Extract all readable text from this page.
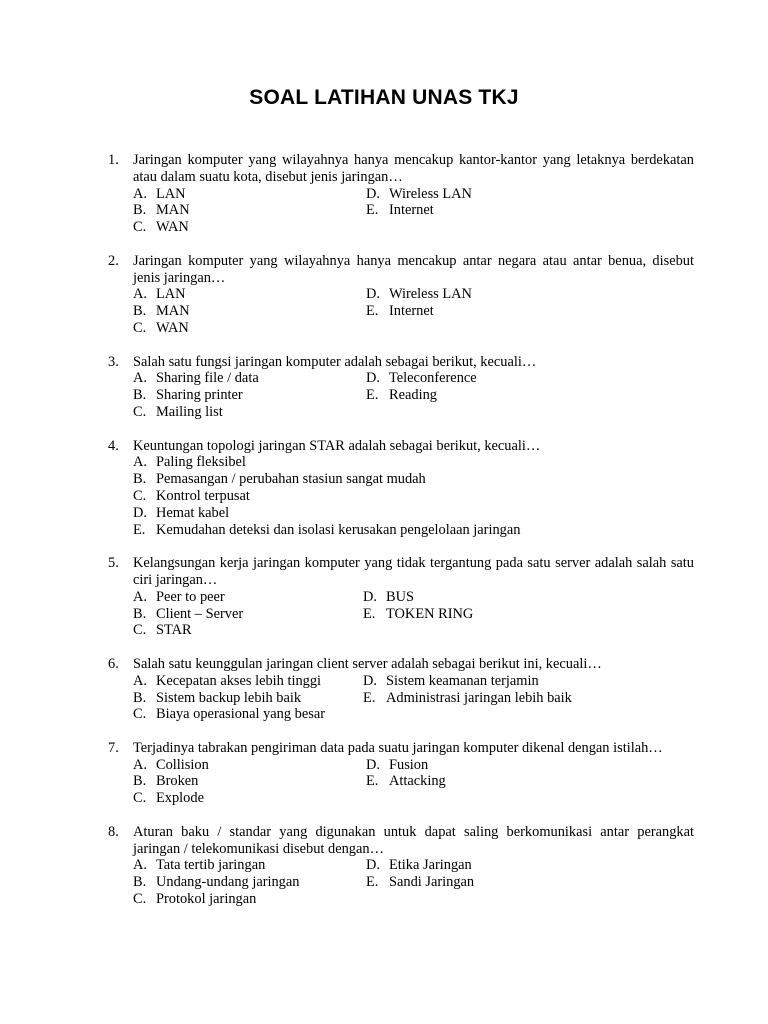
SOAL LATIHAN UNAS TKJ
1. Jaringan komputer yang wilayahnya hanya mencakup kantor-kantor yang letaknya berdekatan atau dalam suatu kota, disebut jenis jaringan…
A. LAN	D. Wireless LAN
B. MAN	E. Internet
C. WAN
2. Jaringan komputer yang wilayahnya hanya mencakup antar negara atau antar benua, disebut jenis jaringan…
A. LAN	D. Wireless LAN
B. MAN	E. Internet
C. WAN
3. Salah satu fungsi jaringan komputer adalah sebagai berikut, kecuali…
A. Sharing file / data	D. Teleconference
B. Sharing printer	E. Reading
C. Mailing list
4. Keuntungan topologi jaringan STAR adalah sebagai berikut, kecuali…
A. Paling fleksibel
B. Pemasangan / perubahan stasiun sangat mudah
C. Kontrol terpusat
D. Hemat kabel
E. Kemudahan deteksi dan isolasi kerusakan pengelolaan jaringan
5. Kelangsungan kerja jaringan komputer yang tidak tergantung pada satu server adalah salah satu ciri jaringan…
A. Peer to peer	D. BUS
B. Client – Server	E. TOKEN RING
C. STAR
6. Salah satu keunggulan jaringan client server adalah sebagai berikut ini, kecuali…
A. Kecepatan akses lebih tinggi	D. Sistem keamanan terjamin
B. Sistem backup lebih baik	E. Administrasi jaringan lebih baik
C. Biaya operasional yang besar
7. Terjadinya tabrakan pengiriman data pada suatu jaringan komputer dikenal dengan istilah…
A. Collision	D. Fusion
B. Broken	E. Attacking
C. Explode
8. Aturan baku / standar yang digunakan untuk dapat saling berkomunikasi antar perangkat jaringan / telekomunikasi disebut dengan…
A. Tata tertib jaringan	D. Etika Jaringan
B. Undang-undang jaringan	E. Sandi Jaringan
C. Protokol jaringan
